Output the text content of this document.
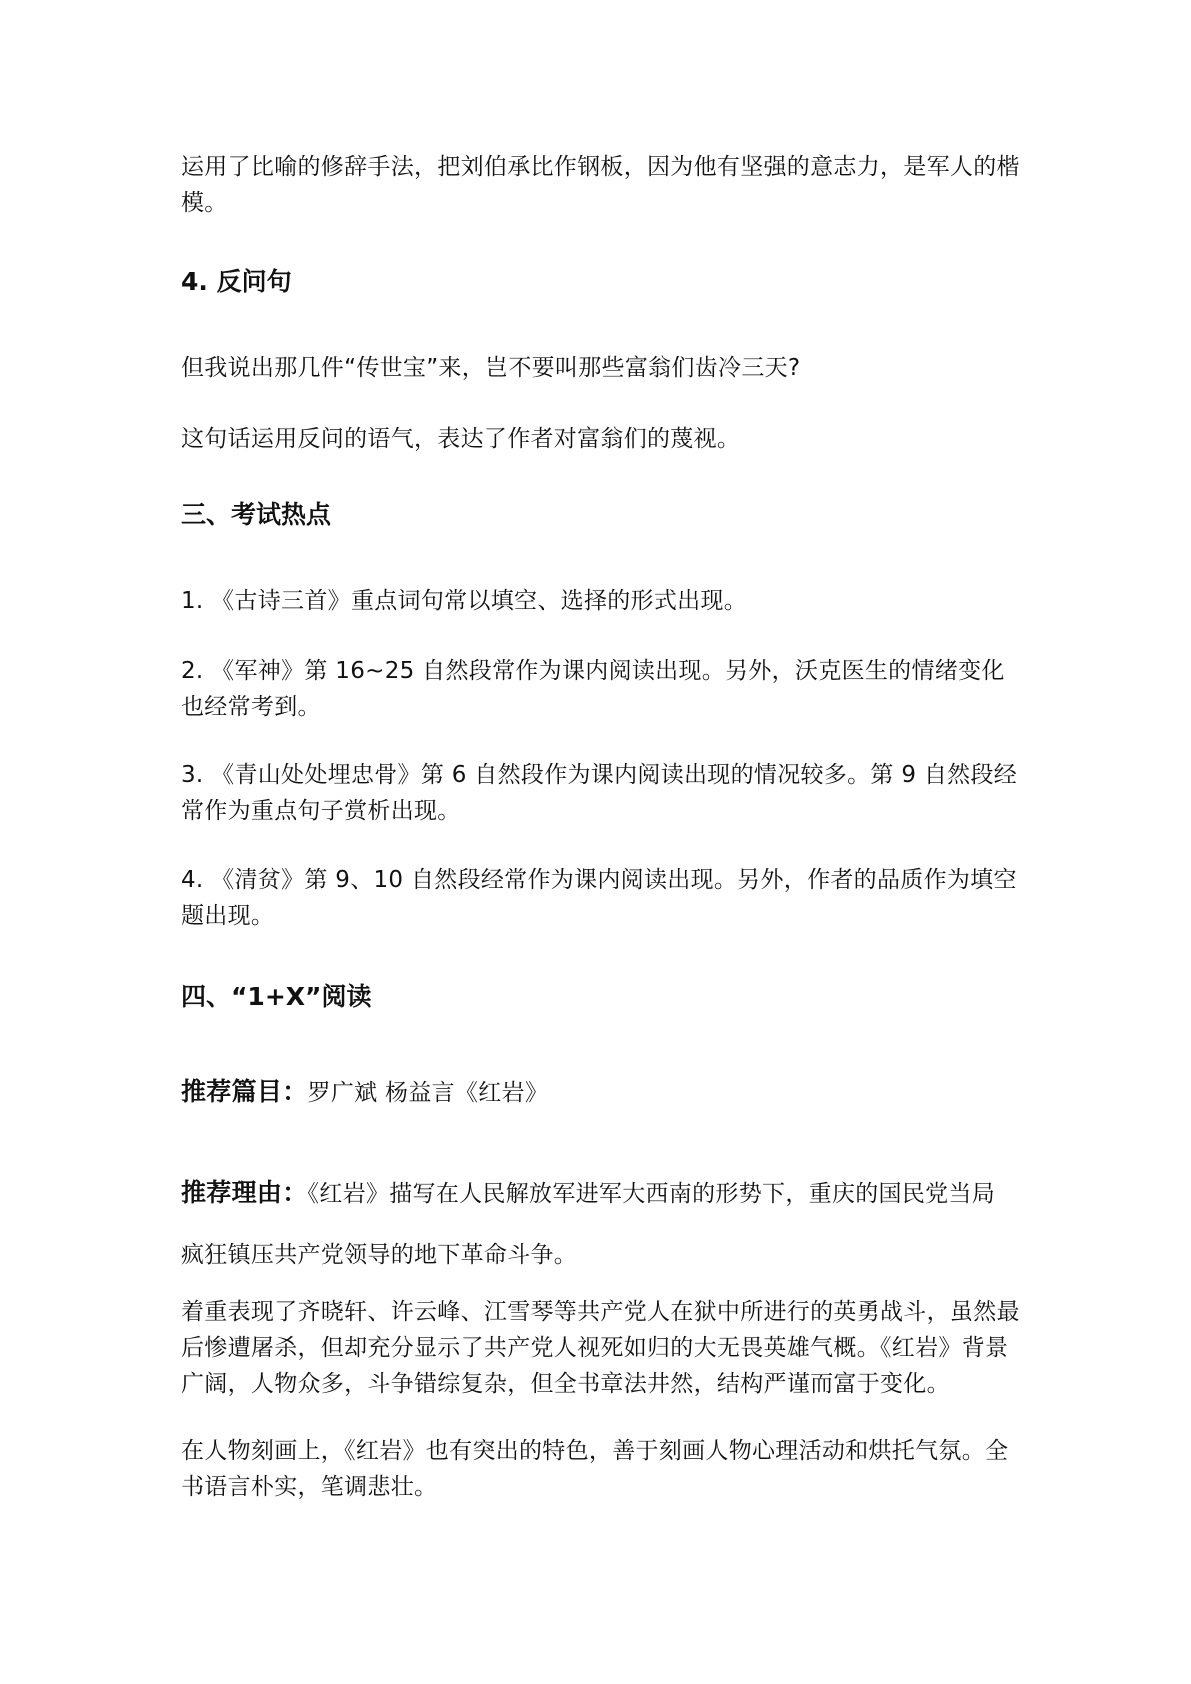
运用了比喻的修辞手法，把刘伯承比作钢板，因为他有坚强的意志力，是军人的楷模。

4. 反问句

但我说出那几件“传世宝”来，岂不要叫那些富翁们齿冷三天?

这句话运用反问的语气，表达了作者对富翁们的蔑视。

三、考试热点

1. 《古诗三首》重点词句常以填空、选择的形式出现。

2. 《军神》第 16~25 自然段常作为课内阅读出现。另外，沃克医生的情绪变化也经常考到。

3. 《青山处处埋忠骨》第 6 自然段作为课内阅读出现的情况较多。第 9 自然段经常作为重点句子赏析出现。

4. 《清贫》第 9、10 自然段经常作为课内阅读出现。另外，作者的品质作为填空题出现。

四、“1+X”阅读

推荐篇目：罗广斌 杨益言《红岩》

推荐理由：《红岩》描写在人民解放军进军大西南的形势下，重庆的国民党当局
疯狂镇压共产党领导的地下革命斗争。

着重表现了齐晓轩、许云峰、江雪琴等共产党人在狱中所进行的英勇战斗，虽然最后惨遭屠杀，但却充分显示了共产党人视死如归的大无畏英雄气概。《红岩》背景广阔，人物众多，斗争错综复杂，但全书章法井然，结构严谨而富于变化。

在人物刻画上，《红岩》也有突出的特色，善于刻画人物心理活动和烘托气氛。全书语言朴实，笔调悲壮。
